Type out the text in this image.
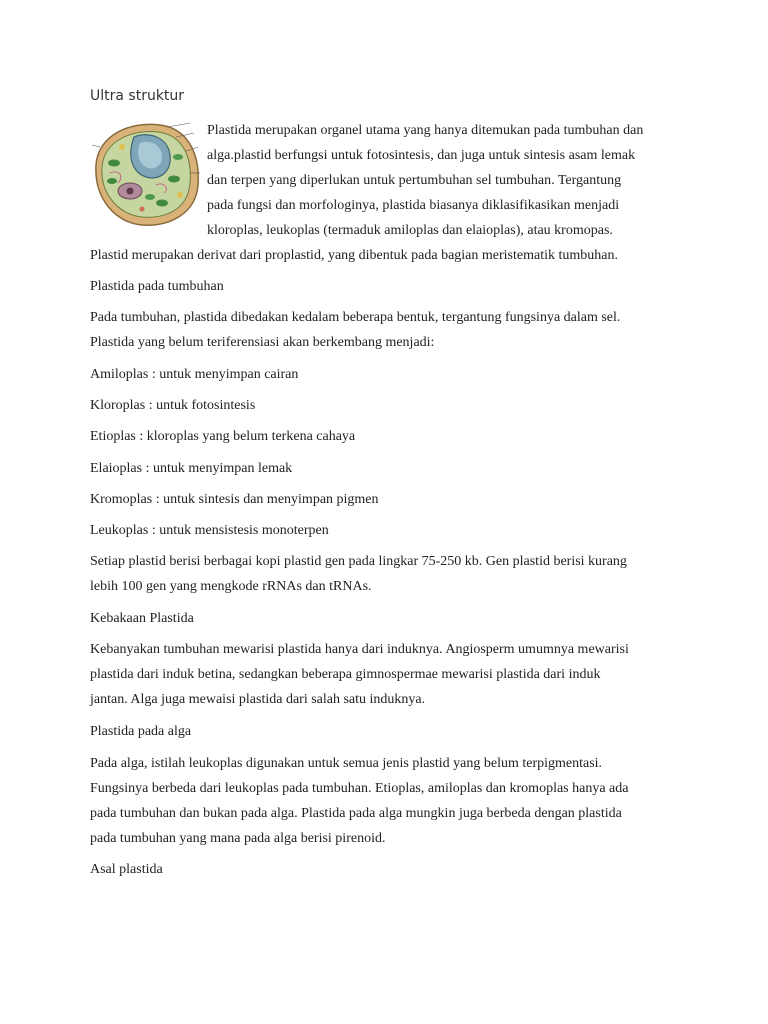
Ultra struktur
Plastida merupakan organel utama yang hanya ditemukan pada tumbuhan dan
alga.plastid berfungsi untuk fotosintesis, dan juga untuk sintesis asam lemak
dan terpen yang diperlukan untuk pertumbuhan sel tumbuhan. Tergantung
pada fungsi dan morfologinya, plastida biasanya diklasifikasikan menjadi
kloroplas, leukoplas (termaduk amiloplas dan elaioplas), atau kromopas.

Plastid merupakan derivat dari proplastid, yang dibentuk pada bagian meristematik tumbuhan.

Plastida pada tumbuhan

Pada tumbuhan, plastida dibedakan kedalam beberapa bentuk, tergantung fungsinya dalam sel.
Plastida yang belum teriferensiasi akan berkembang menjadi:

Amiloplas : untuk menyimpan cairan

Kloroplas : untuk fotosintesis

Etioplas : kloroplas yang belum terkena cahaya

Elaioplas : untuk menyimpan lemak

Kromoplas : untuk sintesis dan menyimpan pigmen

Leukoplas : untuk mensistesis monoterpen

Setiap plastid berisi berbagai kopi plastid gen pada lingkar 75-250 kb. Gen plastid berisi kurang
lebih 100 gen yang mengkode rRNAs dan tRNAs.

Kebakaan Plastida

Kebanyakan tumbuhan mewarisi plastida hanya dari induknya. Angiosperm umumnya mewarisi
plastida dari induk betina, sedangkan beberapa gimnospermae mewarisi plastida dari induk
jantan. Alga juga mewaisi plastida dari salah satu induknya.

Plastida pada alga

Pada alga, istilah leukoplas digunakan untuk semua jenis plastid yang belum terpigmentasi.
Fungsinya berbeda dari leukoplas pada tumbuhan. Etioplas, amiloplas dan kromoplas hanya ada
pada tumbuhan dan bukan pada alga. Plastida pada alga mungkin juga berbeda dengan plastida
pada tumbuhan yang mana pada alga berisi pirenoid.

Asal plastida
